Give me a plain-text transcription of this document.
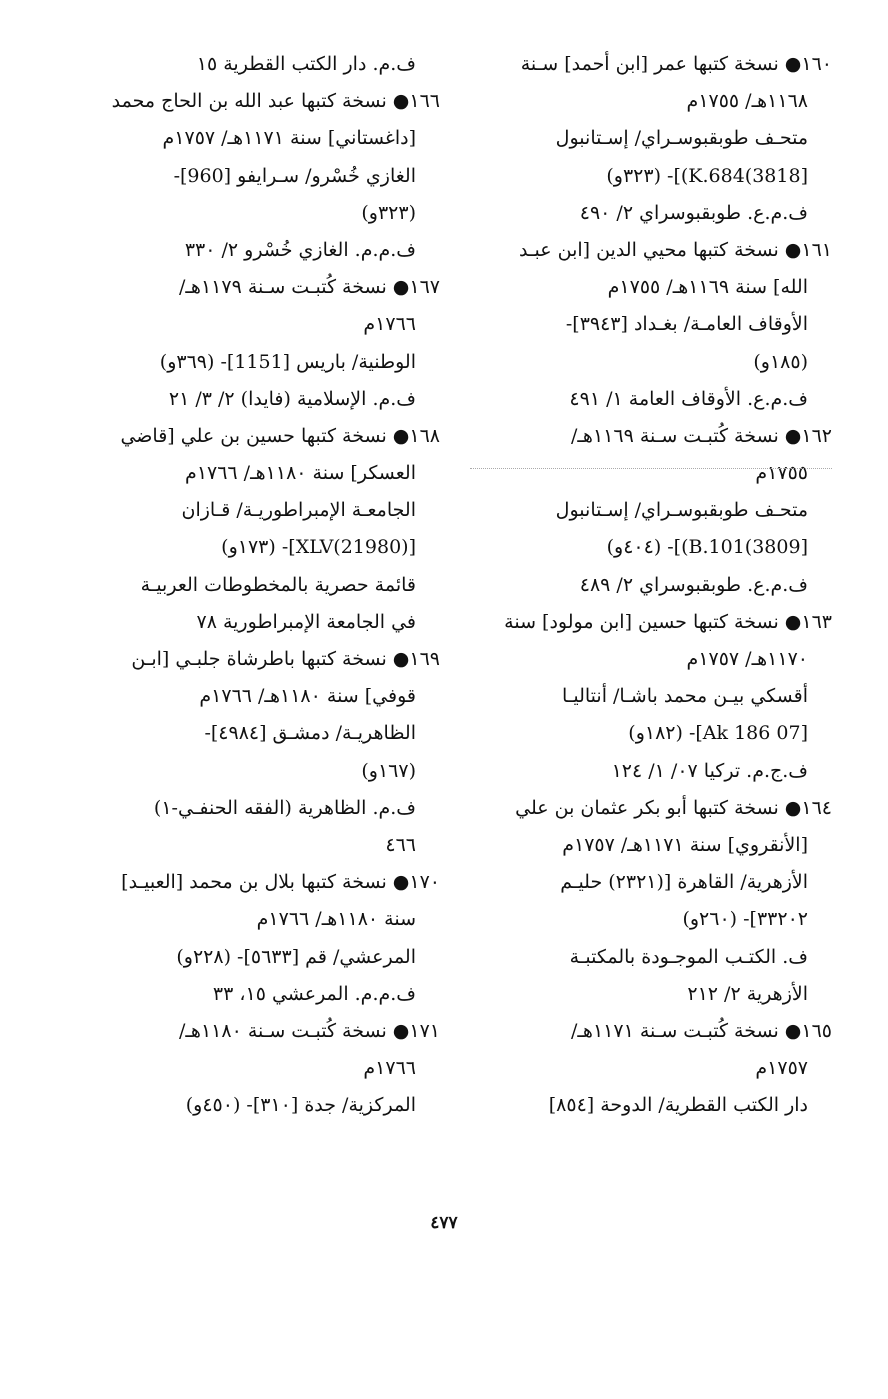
١٦٠● نسخة كتبها عمر [ابن أحمد] سـنة
١١٦٨هـ/ ١٧٥٥م
متحـف طوبقبوسـراي/ إسـتانبول
[3818)K.684)]- (٣٢٣و)
ف.م.ع. طوبقبوسراي ٢/ ٤٩٠
١٦١● نسخة كتبها محيي الدين [ابن عبـد
الله] سنة ١١٦٩هـ/ ١٧٥٥م
الأوقاف العامـة/ بغـداد [٣٩٤٣]-
(١٨٥و)
ف.م.ع. الأوقاف العامة ١/ ٤٩١
١٦٢● نسخة كُتبـت سـنة ١١٦٩هـ/
١٧٥٥م
متحـف طوبقبوسـراي/ إسـتانبول
[3809)B.101)]- (٤٠٤و)
ف.م.ع. طوبقبوسراي ٢/ ٤٨٩
١٦٣● نسخة كتبها حسين [ابن مولود] سنة
١١٧٠هـ/ ١٧٥٧م
أقسكي بيـن محمد باشـا/ أنتاليـا
[07 Ak 186]- (١٨٢و)
ف.ج.م. تركيا ٠٧/ ١/ ١٢٤
١٦٤● نسخة كتبها أبو بكر عثمان بن علي
[الأنقروي] سنة ١١٧١هـ/ ١٧٥٧م
الأزهرية/ القاهرة [(٢٣٢١) حليـم
٣٣٢٠٢]- (٢٦٠و)
ف. الكتـب الموجـودة بالمكتبـة
الأزهرية ٢/ ٢١٢
١٦٥● نسخة كُتبـت سـنة ١١٧١هـ/
١٧٥٧م
دار الكتب القطرية/ الدوحة [٨٥٤]
ف.م. دار الكتب القطرية ١٥
١٦٦● نسخة كتبها عبد الله بن الحاج محمد
[داغستاني] سنة ١١٧١هـ/ ١٧٥٧م
الغازي خُسْرو/ سـرايفو [960]-
(٣٢٣و)
ف.م.م. الغازي خُسْرو ٢/ ٣٣٠
١٦٧● نسخة كُتبـت سـنة ١١٧٩هـ/
١٧٦٦م
الوطنية/ باريس [1151]- (٣٦٩و)
ف.م. الإسلامية (فايدا) ٢/ ٣/ ٢١
١٦٨● نسخة كتبها حسين بن علي [قاضي
العسكر] سنة ١١٨٠هـ/ ١٧٦٦م
الجامعـة الإمبراطوريـة/ قـازان
[XLV(21980)]- (١٧٣و)
قائمة حصرية بالمخطوطات العربيـة
في الجامعة الإمبراطورية ٧٨
١٦٩● نسخة كتبها باطرشاة جلبـي [ابـن
قوفي] سنة ١١٨٠هـ/ ١٧٦٦م
الظاهريـة/ دمشـق [٤٩٨٤]-
(١٦٧و)
ف.م. الظاهرية (الفقه الحنفـي-١)
٤٦٦
١٧٠● نسخة كتبها بلال بن محمد [العبيـد]
سنة ١١٨٠هـ/ ١٧٦٦م
المرعشي/ قم [٥٦٣٣]- (٢٢٨و)
ف.م.م. المرعشي ١٥، ٣٣
١٧١● نسخة كُتبـت سـنة ١١٨٠هـ/
١٧٦٦م
المركزية/ جدة [٣١٠]- (٤٥٠و)
٤٧٧
